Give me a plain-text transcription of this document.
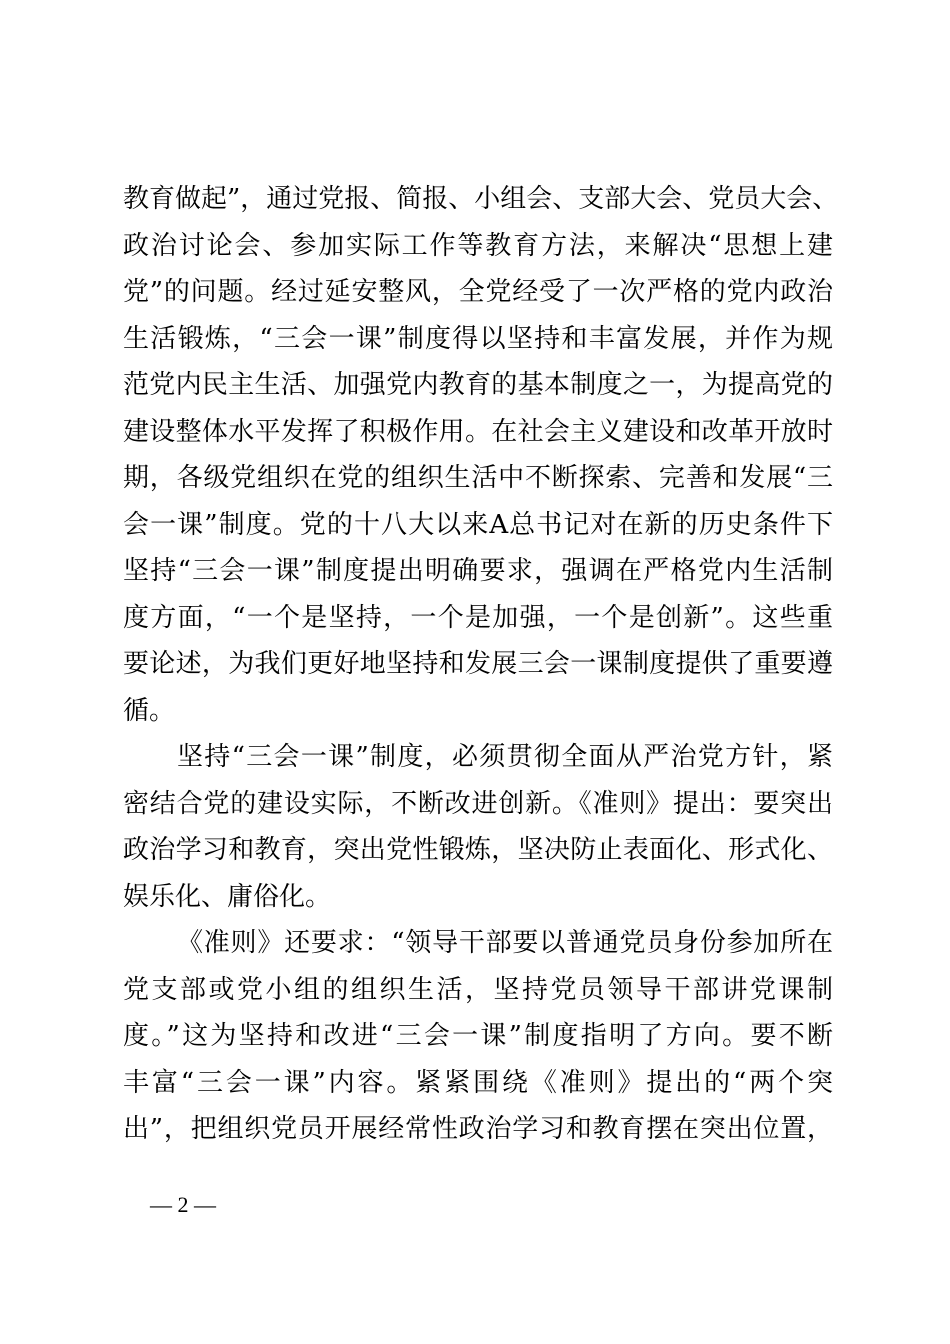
教育做起”，通过党报、简报、小组会、支部大会、党员大会、
政治讨论会、参加实际工作等教育方法，来解决“思想上建
党”的问题。经过延安整风，全党经受了一次严格的党内政治
生活锻炼，“三会一课”制度得以坚持和丰富发展，并作为规
范党内民主生活、加强党内教育的基本制度之一，为提高党的
建设整体水平发挥了积极作用。在社会主义建设和改革开放时
期，各级党组织在党的组织生活中不断探索、完善和发展“三
会一课”制度。党的十八大以来A总书记对在新的历史条件下
坚持“三会一课”制度提出明确要求，强调在严格党内生活制
度方面，“一个是坚持，一个是加强，一个是创新”。这些重
要论述，为我们更好地坚持和发展三会一课制度提供了重要遵
循。
坚持“三会一课”制度，必须贯彻全面从严治党方针，紧
密结合党的建设实际，不断改进创新。《准则》提出：要突出
政治学习和教育，突出党性锻炼，坚决防止表面化、形式化、
娱乐化、庸俗化。
《准则》还要求：“领导干部要以普通党员身份参加所在
党支部或党小组的组织生活，坚持党员领导干部讲党课制
度。”这为坚持和改进“三会一课”制度指明了方向。要不断
丰富“三会一课”内容。紧紧围绕《准则》提出的“两个突
出”，把组织党员开展经常性政治学习和教育摆在突出位置，
— 2 —
